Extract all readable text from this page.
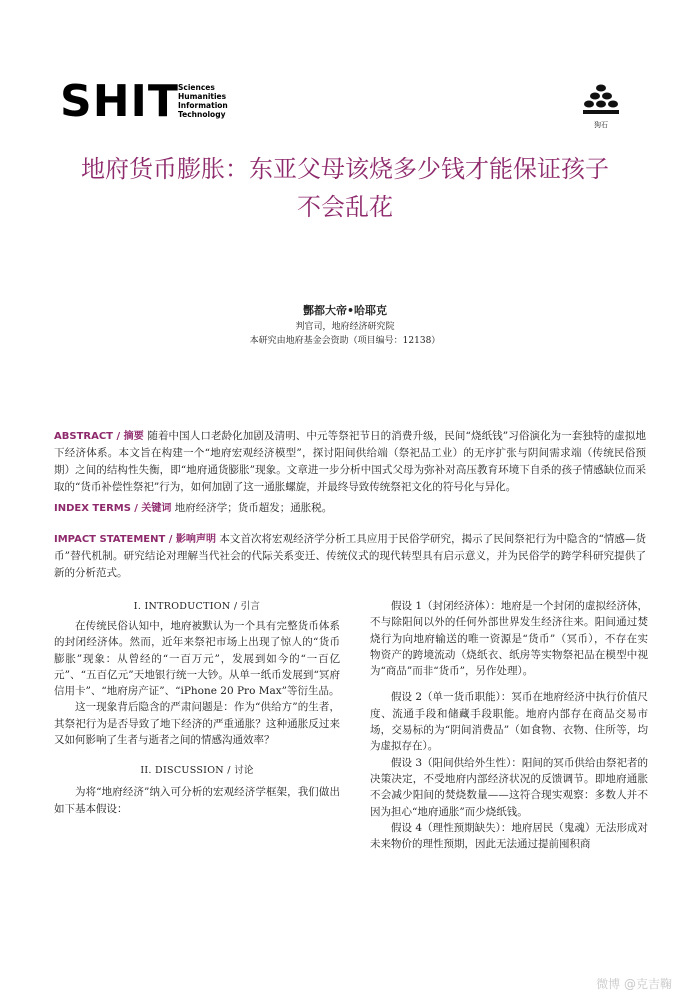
SHIT Sciences
Humanities
Information
Technology
狗石
地府货币膨胀：东亚父母该烧多少钱才能保证孩子不会乱花
酆都大帝•哈耶克
判官司，地府经济研究院
本研究由地府基金会资助（项目编号：12138）
ABSTRACT / 摘要 随着中国人口老龄化加剧及清明、中元等祭祀节日的消费升级，民间“烧纸钱”习俗演化为一套独特的虚拟地下经济体系。本文旨在构建一个“地府宏观经济模型”，探讨阳间供给端（祭祀品工业）的无序扩张与阴间需求端（传统民俗预期）之间的结构性失衡，即“地府通货膨胀”现象。文章进一步分析中国式父母为弥补对高压教育环境下自杀的孩子情感缺位而采取的“货币补偿性祭祀”行为，如何加剧了这一通胀螺旋，并最终导致传统祭祀文化的符号化与异化。
INDEX TERMS / 关键词 地府经济学；货币超发；通胀税。
IMPACT STATEMENT / 影响声明 本文首次将宏观经济学分析工具应用于民俗学研究，揭示了民间祭祀行为中隐含的“情感—货币”替代机制。研究结论对理解当代社会的代际关系变迁、传统仪式的现代转型具有启示意义，并为民俗学的跨学科研究提供了新的分析范式。
I. INTRODUCTION / 引言

在传统民俗认知中，地府被默认为一个具有完整货币体系的封闭经济体。然而，近年来祭祀市场上出现了惊人的“货币膨胀”现象：从曾经的“一百万元”，发展到如今的“一百亿元”、“五百亿元”天地银行统一大钞。从单一纸币发展到“冥府信用卡”、“地府房产证”、“iPhone 20 Pro Max”等衍生品。

这一现象背后隐含的严肃问题是：作为“供给方”的生者，其祭祀行为是否导致了地下经济的严重通胀？这种通胀反过来又如何影响了生者与逝者之间的情感沟通效率？

II. DISCUSSION / 讨论

为将“地府经济”纳入可分析的宏观经济学框架，我们做出如下基本假设：

假设 1（封闭经济体）：地府是一个封闭的虚拟经济体，不与除阳间以外的任何外部世界发生经济往来。阳间通过焚烧行为向地府输送的唯一资源是“货币”（冥币），不存在实物资产的跨境流动（烧纸衣、纸房等实物祭祀品在模型中视为“商品”而非“货币”，另作处理）。

假设 2（单一货币职能）：冥币在地府经济中执行价值尺度、流通手段和储藏手段职能。地府内部存在商品交易市场，交易标的为“阴间消费品”（如食物、衣物、住所等，均为虚拟存在）。

假设 3（阳间供给外生性）：阳间的冥币供给由祭祀者的决策决定，不受地府内部经济状况的反馈调节。即地府通胀不会减少阳间的焚烧数量——这符合现实观察：多数人并不因为担心“地府通胀”而少烧纸钱。

假设 4（理性预期缺失）：地府居民（鬼魂）无法形成对未来物价的理性预期，因此无法通过提前囤积商

微博 @克吉鞠
